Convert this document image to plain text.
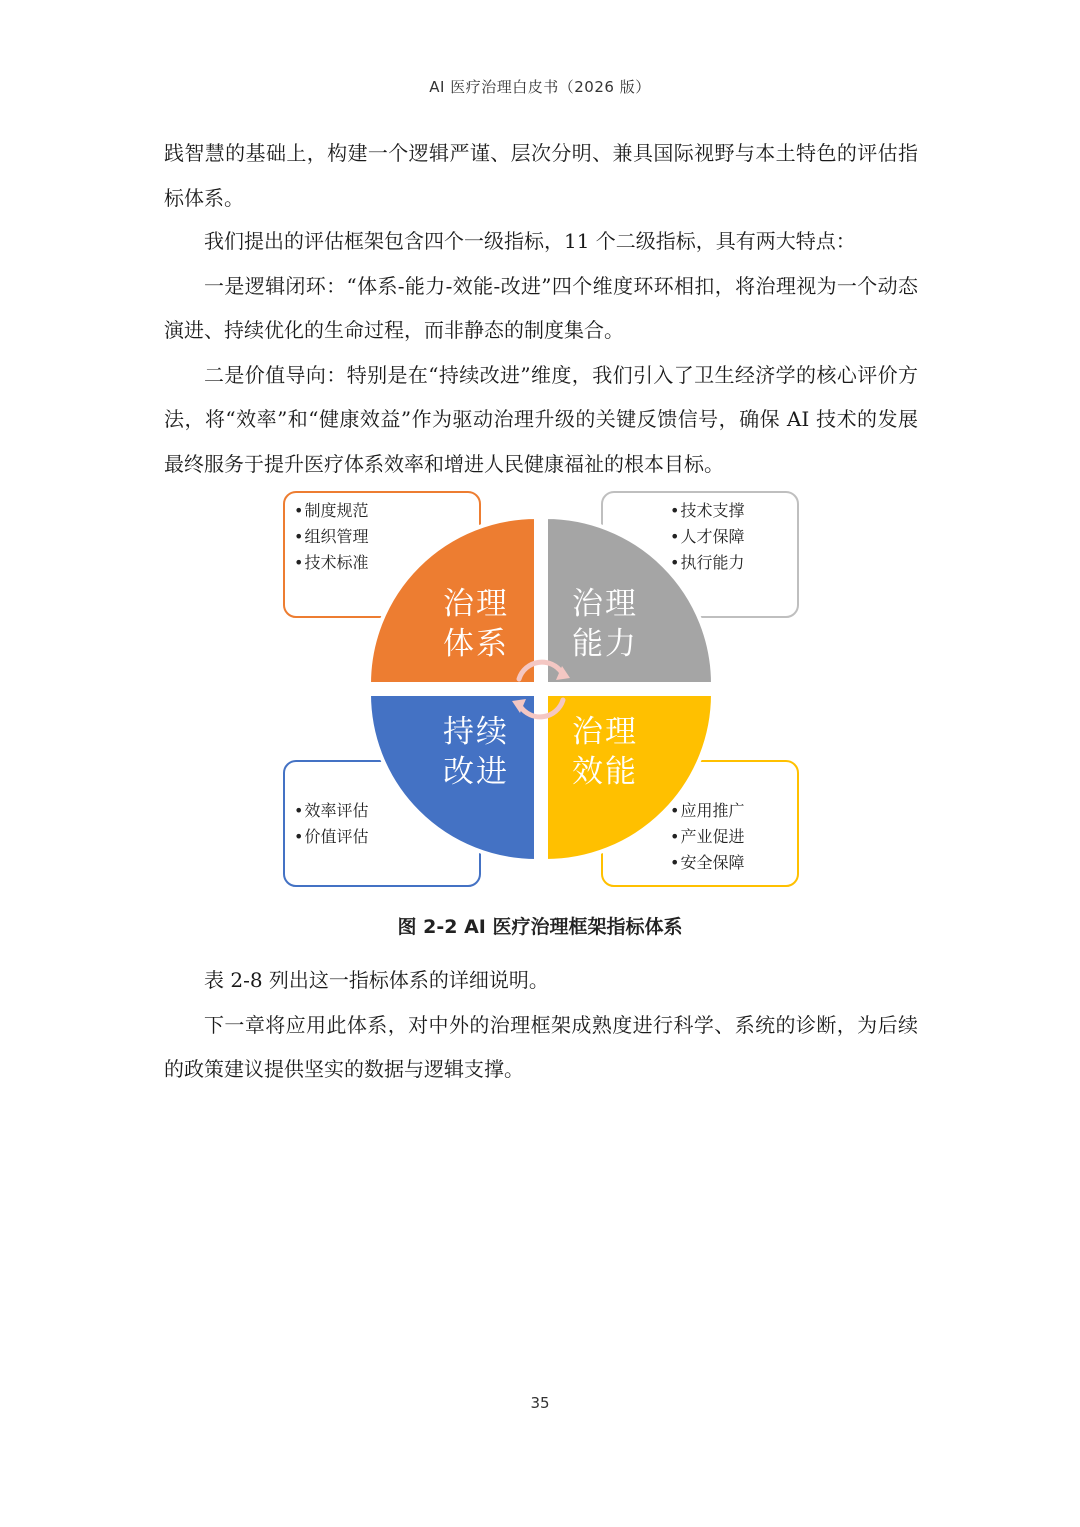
AI 医疗治理白皮书（2026 版）

践智慧的基础上，构建一个逻辑严谨、层次分明、兼具国际视野与本土特色的评估指标体系。

我们提出的评估框架包含四个一级指标，11 个二级指标，具有两大特点：

一是逻辑闭环：“体系-能力-效能-改进”四个维度环环相扣，将治理视为一个动态演进、持续优化的生命过程，而非静态的制度集合。

二是价值导向：特别是在“持续改进”维度，我们引入了卫生经济学的核心评价方法，将“效率”和“健康效益”作为驱动治理升级的关键反馈信号，确保 AI 技术的发展最终服务于提升医疗体系效率和增进人民健康福祉的根本目标。

治理
体系
治理
能力
持续
改进
治理
效能
• 制度规范
• 组织管理
• 技术标准
• 技术支撑
• 人才保障
• 执行能力
• 效率评估
• 价值评估
• 应用推广
• 产业促进
• 安全保障
图 2-2 AI 医疗治理框架指标体系

表 2-8 列出这一指标体系的详细说明。

下一章将应用此体系，对中外的治理框架成熟度进行科学、系统的诊断，为后续的政策建议提供坚实的数据与逻辑支撑。

35
